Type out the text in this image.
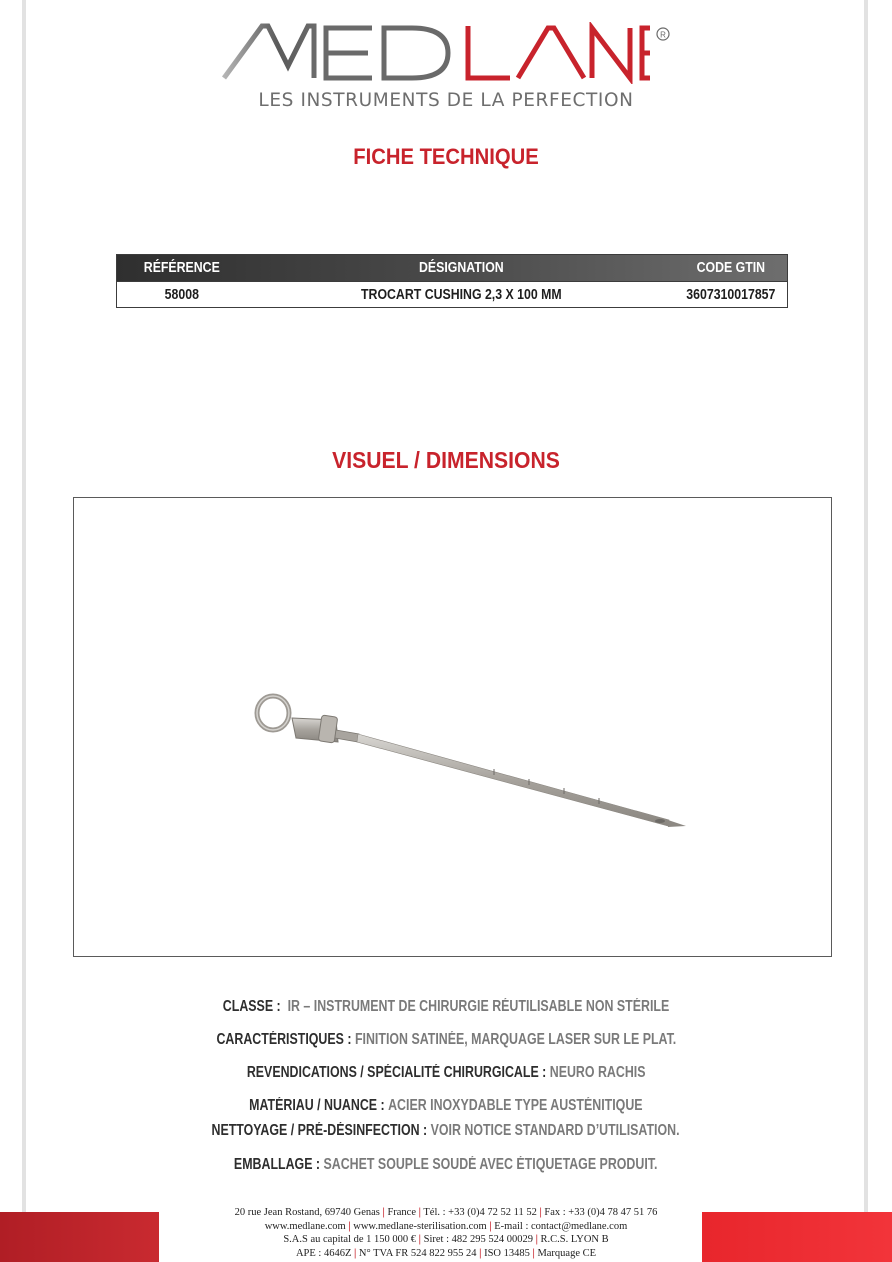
R
LES INSTRUMENTS DE LA PERFECTION
FICHE TECHNIQUE
RÉFÉRENCE	DÉSIGNATION	CODE GTIN
58008	TROCART CUSHING 2,3 X 100 MM	3607310017857
VISUEL / DIMENSIONS
CLASSE : IR – INSTRUMENT DE CHIRURGIE RÉUTILISABLE NON STÉRILE
CARACTÉRISTIQUES : FINITION SATINÉE, MARQUAGE LASER SUR LE PLAT.
REVENDICATIONS / SPÉCIALITÉ CHIRURGICALE : NEURO RACHIS
MATÉRIAU / NUANCE : ACIER INOXYDABLE TYPE AUSTÉNITIQUE
NETTOYAGE / PRÉ-DÉSINFECTION : VOIR NOTICE STANDARD D’UTILISATION.
EMBALLAGE : SACHET SOUPLE SOUDÉ AVEC ÉTIQUETAGE PRODUIT.
20 rue Jean Rostand, 69740 Genas | France | Tél. : +33 (0)4 72 52 11 52 | Fax : +33 (0)4 78 47 51 76
www.medlane.com | www.medlane-sterilisation.com | E-mail : contact@medlane.com
S.A.S au capital de 1 150 000 € | Siret : 482 295 524 00029 | R.C.S. LYON B
APE : 4646Z | N° TVA FR 524 822 955 24 | ISO 13485 | Marquage CE
